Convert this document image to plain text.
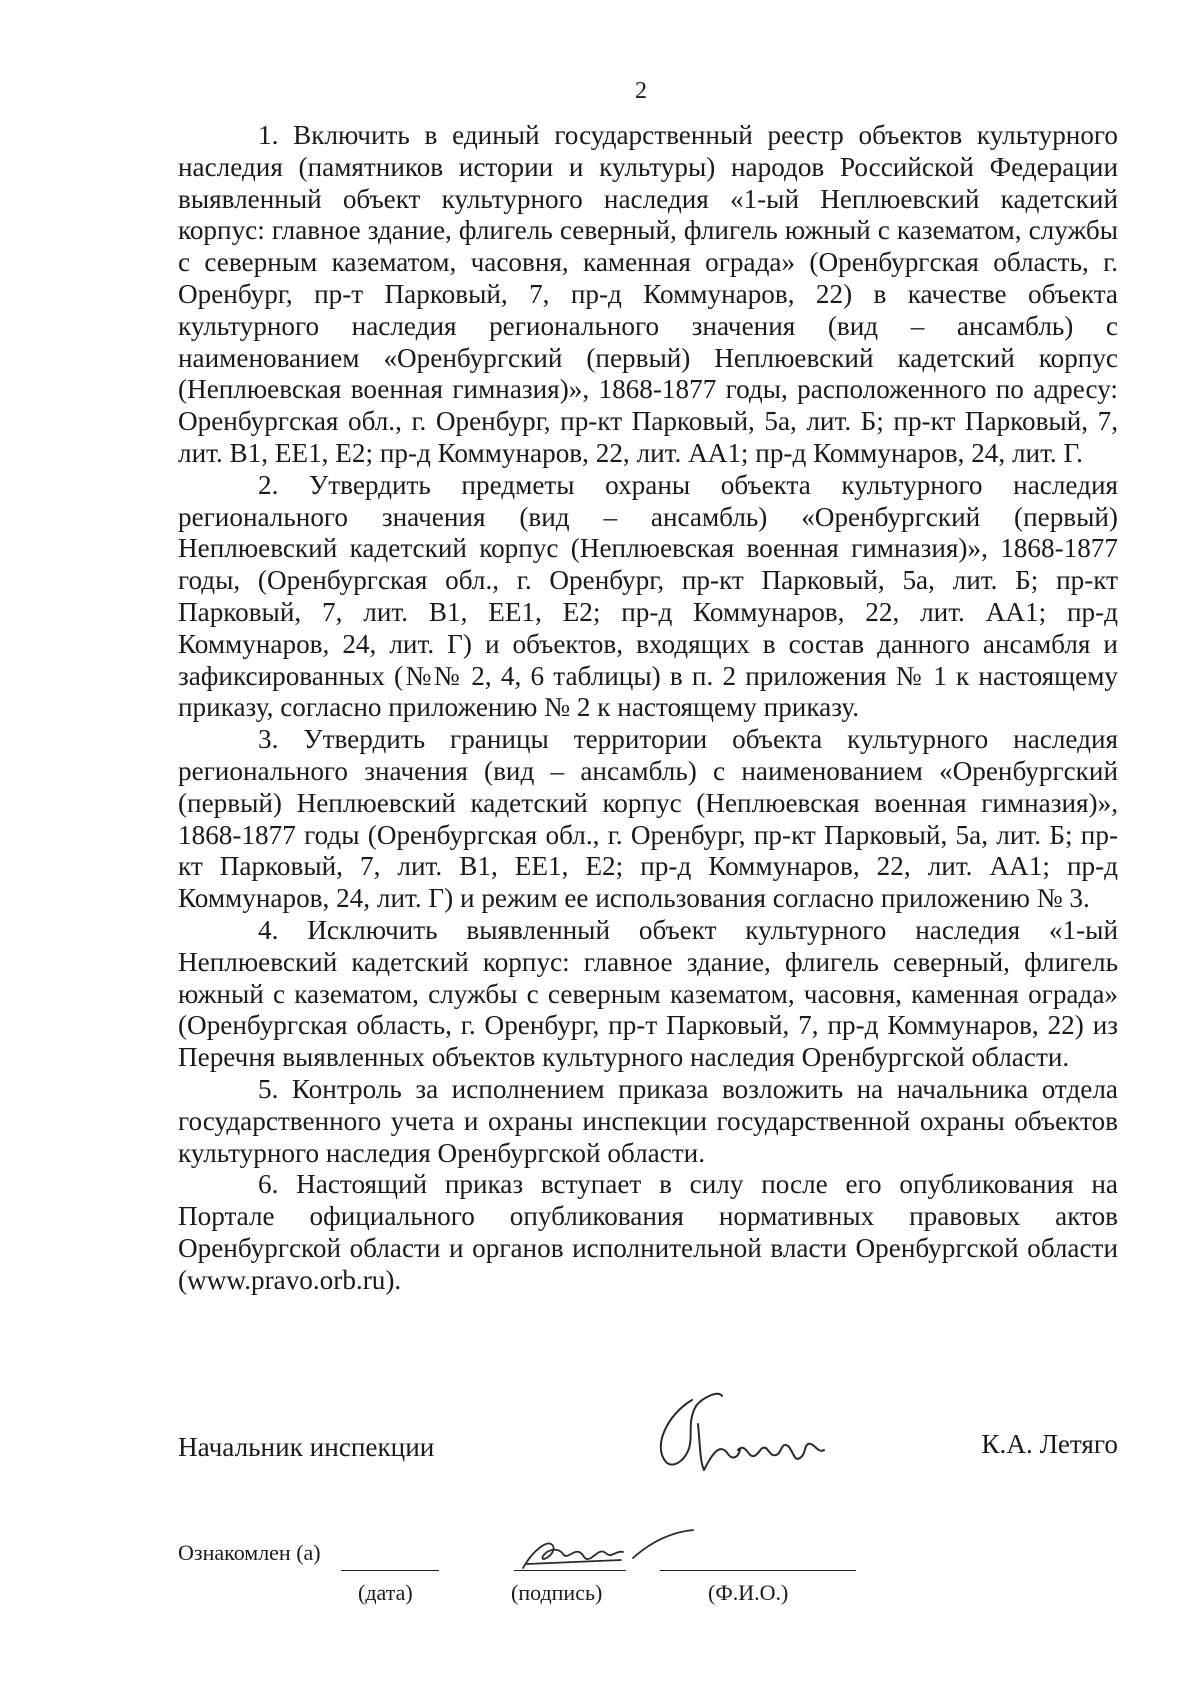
2

1. Включить в единый государственный реестр объектов культурного наследия (памятников истории и культуры) народов Российской Федерации выявленный объект культурного наследия «1-ый Неплюевский кадетский корпус: главное здание, флигель северный, флигель южный с казематом, службы с северным казематом, часовня, каменная ограда» (Оренбургская область, г. Оренбург, пр-т Парковый, 7, пр-д Коммунаров, 22) в качестве объекта культурного наследия регионального значения (вид – ансамбль) с наименованием «Оренбургский (первый) Неплюевский кадетский корпус (Неплюевская военная гимназия)», 1868-1877 годы, расположенного по адресу: Оренбургская обл., г. Оренбург, пр-кт Парковый, 5а, лит. Б; пр-кт Парковый, 7, лит. В1, ЕЕ1, Е2; пр-д Коммунаров, 22, лит. АА1; пр-д Коммунаров, 24, лит. Г.

2. Утвердить предметы охраны объекта культурного наследия регионального значения (вид – ансамбль) «Оренбургский (первый) Неплюевский кадетский корпус (Неплюевская военная гимназия)», 1868-1877 годы, (Оренбургская обл., г. Оренбург, пр-кт Парковый, 5а, лит. Б; пр-кт Парковый, 7, лит. В1, ЕЕ1, Е2; пр-д Коммунаров, 22, лит. АА1; пр-д Коммунаров, 24, лит. Г) и объектов, входящих в состав данного ансамбля и зафиксированных (№№ 2, 4, 6 таблицы) в п. 2 приложения № 1 к настоящему приказу, согласно приложению № 2 к настоящему приказу.

3. Утвердить границы территории объекта культурного наследия регионального значения (вид – ансамбль) с наименованием «Оренбургский (первый) Неплюевский кадетский корпус (Неплюевская военная гимназия)», 1868-1877 годы (Оренбургская обл., г. Оренбург, пр-кт Парковый, 5а, лит. Б; пр-кт Парковый, 7, лит. В1, ЕЕ1, Е2; пр-д Коммунаров, 22, лит. АА1; пр-д Коммунаров, 24, лит. Г) и режим ее использования согласно приложению № 3.

4. Исключить выявленный объект культурного наследия «1-ый Неплюевский кадетский корпус: главное здание, флигель северный, флигель южный с казематом, службы с северным казематом, часовня, каменная ограда» (Оренбургская область, г. Оренбург, пр-т Парковый, 7, пр-д Коммунаров, 22) из Перечня выявленных объектов культурного наследия Оренбургской области.

5. Контроль за исполнением приказа возложить на начальника отдела государственного учета и охраны инспекции государственной охраны объектов культурного наследия Оренбургской области.

6. Настоящий приказ вступает в силу после его опубликования на Портале официального опубликования нормативных правовых актов Оренбургской области и органов исполнительной власти Оренбургской области (www.pravo.orb.ru).

Начальник инспекции	К.А. Летяго
Ознакомлен (а)
(дата)	(подпись)	(Ф.И.О.)
